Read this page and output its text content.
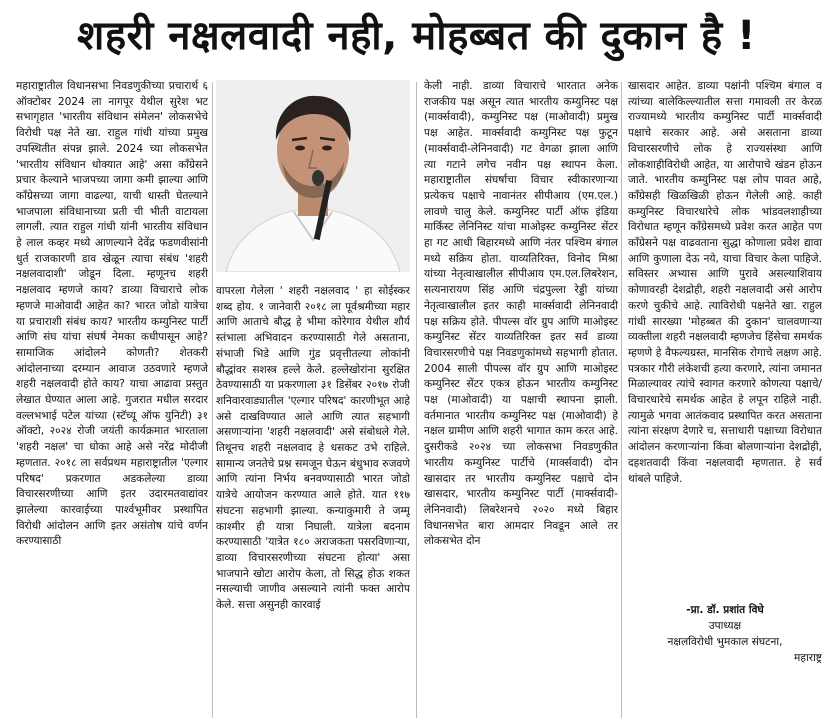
शहरी नक्षलवादी नही, मोहब्बत की दुकान है !

महाराष्ट्रातील विधानसभा निवडणुकीच्या प्रचारार्थ ६ ऑक्टोबर 2024 ला नागपूर येथील सुरेश भट सभागृहात 'भारतीय संविधान संमेलन' लोकसभेचे विरोधी पक्ष नेते खा. राहुल गांधी यांच्या प्रमुख उपस्थितीत संपन्न झाले. 2024 च्या लोकसभेत 'भारतीय संविधान धोक्यात आहे' असा काँग्रेसने प्रचार केल्याने भाजपच्या जागा कमी झाल्या आणि काँग्रेसच्या जागा वाढल्या, याची धास्ती घेतल्याने भाजपाला संविधानाच्या प्रती ची भीती वाटायला लागली. त्यात राहुल गांधी यांनी भारतीय संविधान हे लाल कव्हर मध्ये आणल्याने देवेंद्र फडणवीसांनी धुर्त राजकारणी डाव खेळून त्याचा संबंध 'शहरी नक्षलवादाशी' जोडून दिला. म्हणूनच शहरी नक्षलवाद म्हणजे काय? डाव्या विचाराचे लोक म्हणजे माओवादी आहेत का? भारत जोडो यात्रेचा या प्रचाराशी संबंध काय? भारतीय कम्युनिस्ट पार्टी आणि संघ यांचा संघर्ष नेमका कधीपासून आहे? सामाजिक आंदोलने कोणती? शेतकरी आंदोलनाच्या दरम्यान आवाज उठवणारे म्हणजे शहरी नक्षलवादी होते काय? याचा आढावा प्रस्तुत लेखात घेण्यात आला आहे. गुजरात मधील सरदार वल्लभभाई पटेल यांच्या (स्टॅच्यू ऑफ युनिटी) ३१ ऑक्टो, २०२४ रोजी जयंती कार्यक्रमात भारताला 'शहरी नक्षल' चा धोका आहे असे नरेंद्र मोदीजी म्हणतात. २०१८ ला सर्वप्रथम महाराष्ट्रातील 'एल्गार परिषद' प्रकरणात अडकलेल्या डाव्या विचारसरणीच्या आणि इतर उदारमतवाद्यांवर झालेल्या कारवाईच्या पार्श्वभूमीवर प्रस्थापित विरोधी आंदोलन आणि इतर असंतोष यांचे वर्णन करण्यासाठी

वापरला गेलेला ' शहरी नक्षलवाद ' हा सोईस्कर शब्द होय. १ जानेवारी २०१८ ला पूर्वश्रमीच्या महार आणि आताचे बौद्ध हे भीमा कोरेगाव येथील शौर्य स्तंभाला अभिवादन करण्यासाठी गेले असताना, संभाजी भिडे आणि गुंड प्रवृत्तीतल्या लोकांनी बौद्धांवर सशस्त्र हल्ले केले. हल्लेखोरांना सुरक्षित ठेवण्यासाठी या प्रकरणाला ३१ डिसेंबर २०१७ रोजी शनिवारवाड्यातील 'एल्गार परिषद' कारणीभूत आहे असे दाखविण्यात आले आणि त्यात सहभागी असणाऱ्यांना 'शहरी नक्षलवादी' असे संबोधले गेले. तिथूनच शहरी नक्षलवाद हे धसकट उभे राहिले. सामान्य जनतेचे प्रश्न समजून घेऊन बंधुभाव रुजवणे आणि त्यांना निर्भय बनवण्यासाठी भारत जोडो यात्रेचे आयोजन करण्यात आले होते. यात ११७ संघटना सहभागी झाल्या. कन्याकुमारी ते जम्मू काश्मीर ही यात्रा निघाली. यात्रेला बदनाम करण्यासाठी 'यात्रेत १८० अराजकता पसरविणाऱ्या, डाव्या विचारसरणीच्या संघटना होत्या' असा भाजपाने खोटा आरोप केला, तो सिद्ध होऊ शकत नसल्याची जाणीव असल्याने त्यांनी फक्त आरोप केले. सत्ता असुनही कारवाई

केली नाही. डाव्या विचाराचे भारतात अनेक राजकीय पक्ष असून त्यात भारतीय कम्युनिस्ट पक्ष (मार्क्सवादी), कम्युनिस्ट पक्ष (माओवादी) प्रमुख पक्ष आहेत. मार्क्सवादी कम्युनिस्ट पक्ष फुटून (मार्क्सवादी-लेनिनवादी) गट वेगळा झाला आणि त्या गटाने लगेच नवीन पक्ष स्थापन केला. महाराष्ट्रातील संघर्षाचा विचार स्वीकारणाऱ्या प्रत्येकच पक्षाचे नावानंतर सीपीआय (एम.एल.) लावणे चालु केले. कम्युनिस्ट पार्टी ऑफ इंडिया मार्किस्ट लेनिनिस्ट यांचा माओइस्ट कम्युनिस्ट सेंटर हा गट आधी बिहारमध्ये आणि नंतर पश्चिम बंगाल मध्ये सक्रिय होता. याव्यतिरिक्त, विनोद मिश्रा यांच्या नेतृत्वाखालील सीपीआय एम.एल.लिबरेशन, सत्यनारायण सिंह आणि चंद्रपुल्ला रेड्डी यांच्या नेतृत्वाखालील इतर काही मार्क्सवादी लेनिनवादी पक्ष सक्रिय होते. पीपल्स वॉर ग्रुप आणि माओइस्ट कम्युनिस्ट सेंटर याव्यतिरिक्त इतर सर्व डाव्या विचारसरणीचे पक्ष निवडणुकांमध्ये सहभागी होतात. 2004 साली पीपल्स वॉर ग्रुप आणि माओइस्ट कम्युनिस्ट सेंटर एकत्र होऊन भारतीय कम्युनिस्ट पक्ष (माओवादी) या पक्षाची स्थापना झाली. वर्तमानात भारतीय कम्युनिस्ट पक्ष (माओवादी) हे नक्षल ग्रामीण आणि शहरी भागात काम करत आहे. दुसरीकडे २०२४ च्या लोकसभा निवडणुकीत भारतीय कम्युनिस्ट पार्टीचे (मार्क्सवादी) दोन खासदार तर भारतीय कम्युनिस्ट पक्षाचे दोन खासदार, भारतीय कम्युनिस्ट पार्टी (मार्क्सवादी-लेनिनवादी) लिबरेशनचे २०२० मध्ये बिहार विधानसभेत बारा आमदार निवडून आले तर लोकसभेत दोन

खासदार आहेत. डाव्या पक्षांनी पश्चिम बंगाल व त्यांच्या बालेकिल्ल्यातील सत्ता गमावली तर केरळ राज्यामध्ये भारतीय कम्युनिस्ट पार्टी मार्क्सवादी पक्षाचे सरकार आहे. असे असताना डाव्या विचारसरणीचे लोक हे राज्यसंस्था आणि लोकशाहीविरोधी आहेत, या आरोपाचे खंडन होऊन जाते. भारतीय कम्युनिस्ट पक्ष लोप पावत आहे, काँग्रेसही खिळखिळी होऊन गेलेली आहे. काही कम्युनिस्ट विचारधारेचे लोक भांडवलशाहीच्या विरोधात म्हणून काँग्रेसमध्ये प्रवेश करत आहेत पण काँग्रेसने पक्ष वाढवताना सुद्धा कोणाला प्रवेश द्यावा आणि कुणाला देऊ नये, याचा विचार केला पाहिजे. सविस्तर अभ्यास आणि पुरावे असल्याशिवाय कोणावरही देशद्रोही, शहरी नक्षलवादी असे आरोप करणे चुकीचे आहे. त्याविरोधी पक्षनेते खा. राहुल गांधी सारख्या 'मोहब्बत की दुकान' चालवणाऱ्या व्यक्तीला शहरी नक्षलवादी म्हणजेच हिंसेचा समर्थक म्हणणे हे वैफल्यग्रस्त, मानसिक रोगाचे लक्षण आहे. पत्रकार गौरी लंकेशची हत्या करणारे, त्यांना जमानत मिळाल्यावर त्यांचे स्वागत करणारे कोणत्या पक्षाचे/विचारधारेचे समर्थक आहेत हे लपून राहिले नाही. त्यामुळे भगवा आतंकवाद प्रस्थापित करत असताना त्यांना संरक्षण देणारे च, सत्ताधारी पक्षाच्या विरोधात आंदोलन करणाऱ्यांना किंवा बोलणाऱ्यांना देशद्रोही, दहशतवादी किंवा नक्षलवादी म्हणतात. हे सर्व थांबले पाहिजे.

-प्रा. डॉ. प्रशांत विघे
उपाध्यक्ष
नक्षलविरोधी भुमकाल संघटना,
महाराष्ट्र
